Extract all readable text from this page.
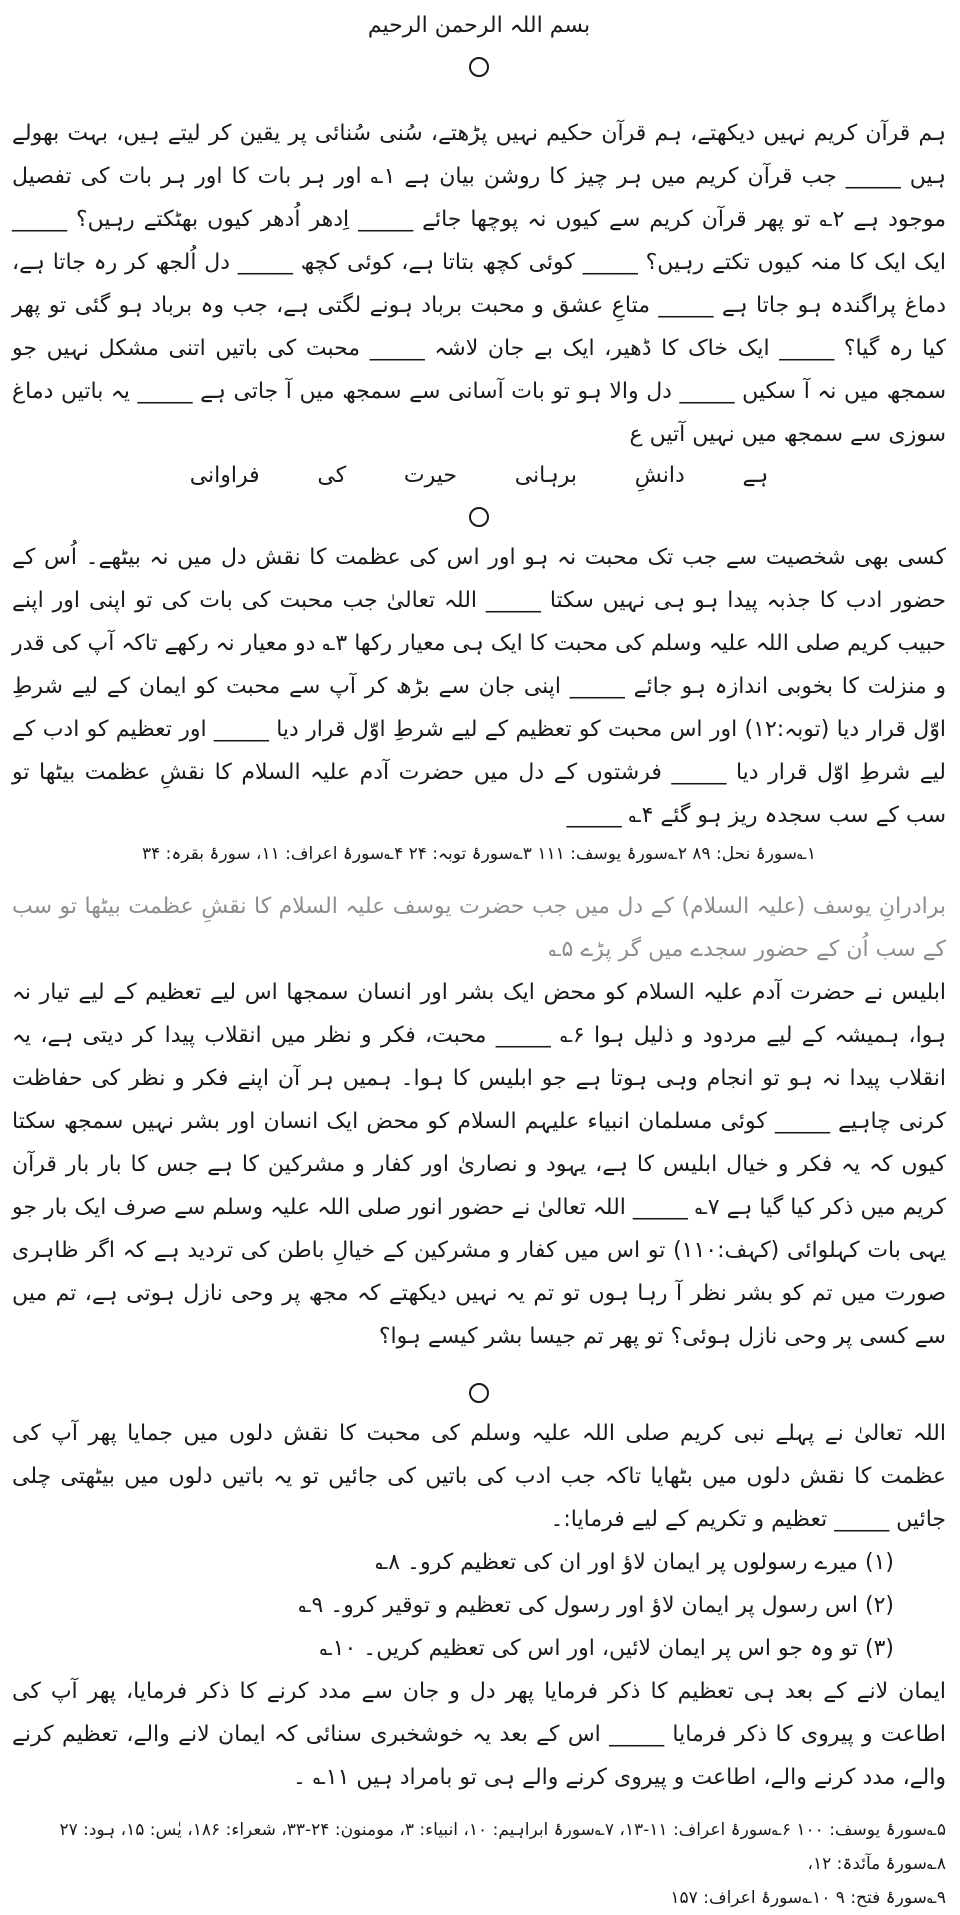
بسم اللہ الرحمن الرحیم

ہم قرآن کریم نہیں دیکھتے، ہم قرآن حکیم نہیں پڑھتے، سُنی سُنائی پر یقین کر لیتے ہیں، بہت بھولے ہیں _____ جب قرآن کریم میں ہر چیز کا روشن بیان ہے ۱؎ اور ہر بات کا اور ہر بات کی تفصیل موجود ہے ۲؎ تو پھر قرآن کریم سے کیوں نہ پوچھا جائے _____ اِدھر اُدھر کیوں بھٹکتے رہیں؟ _____ ایک ایک کا منہ کیوں تکتے رہیں؟ _____ کوئی کچھ بتاتا ہے، کوئی کچھ _____ دل اُلجھ کر رہ جاتا ہے، دماغ پراگندہ ہو جاتا ہے _____ متاعِ عشق و محبت برباد ہونے لگتی ہے، جب وہ برباد ہو گئی تو پھر کیا رہ گیا؟ _____ ایک خاک کا ڈھیر، ایک بے جان لاشہ _____ محبت کی باتیں اتنی مشکل نہیں جو سمجھ میں نہ آ سکیں _____ دل والا ہو تو بات آسانی سے سمجھ میں آ جاتی ہے _____ یہ باتیں دماغ سوزی سے سمجھ میں نہیں آتیں ع

ہے
دانشِ
برہانی
حیرت
کی
فراوانی

کسی بھی شخصیت سے جب تک محبت نہ ہو اور اس کی عظمت کا نقش دل میں نہ بیٹھے۔ اُس کے حضور ادب کا جذبہ پیدا ہو ہی نہیں سکتا _____ اللہ تعالیٰ جب محبت کی بات کی تو اپنی اور اپنے حبیب کریم صلی اللہ علیہ وسلم کی محبت کا ایک ہی معیار رکھا ۳؎ دو معیار نہ رکھے تاکہ آپ کی قدر و منزلت کا بخوبی اندازہ ہو جائے _____ اپنی جان سے بڑھ کر آپ سے محبت کو ایمان کے لیے شرطِ اوّل قرار دیا (توبہ:۱۲) اور اس محبت کو تعظیم کے لیے شرطِ اوّل قرار دیا _____ اور تعظیم کو ادب کے لیے شرطِ اوّل قرار دیا _____ فرشتوں کے دل میں حضرت آدم علیہ السلام کا نقشِ عظمت بیٹھا تو سب کے سب سجدہ ریز ہو گئے ۴؎ _____

۱؎سورۂ نحل: ۸۹ ۲؎سورۂ یوسف: ۱۱۱ ۳؎سورۂ توبہ: ۲۴ ۴؎سورۂ اعراف: ۱۱، سورۂ بقرہ: ۳۴

برادرانِ یوسف (علیہ السلام) کے دل میں جب حضرت یوسف علیہ السلام کا نقشِ عظمت بیٹھا تو سب کے سب اُن کے حضور سجدے میں گر پڑے ۵؎

ابلیس نے حضرت آدم علیہ السلام کو محض ایک بشر اور انسان سمجھا اس لیے تعظیم کے لیے تیار نہ ہوا، ہمیشہ کے لیے مردود و ذلیل ہوا ۶؎ _____ محبت، فکر و نظر میں انقلاب پیدا کر دیتی ہے، یہ انقلاب پیدا نہ ہو تو انجام وہی ہوتا ہے جو ابلیس کا ہوا۔ ہمیں ہر آن اپنے فکر و نظر کی حفاظت کرنی چاہیے _____ کوئی مسلمان انبیاء علیہم السلام کو محض ایک انسان اور بشر نہیں سمجھ سکتا کیوں کہ یہ فکر و خیال ابلیس کا ہے، یہود و نصاریٰ اور کفار و مشرکین کا ہے جس کا بار بار قرآن کریم میں ذکر کیا گیا ہے ۷؎ _____ اللہ تعالیٰ نے حضور انور صلی اللہ علیہ وسلم سے صرف ایک بار جو یہی بات کہلوائی (کہف:۱۱۰) تو اس میں کفار و مشرکین کے خیالِ باطن کی تردید ہے کہ اگر ظاہری صورت میں تم کو بشر نظر آ رہا ہوں تو تم یہ نہیں دیکھتے کہ مجھ پر وحی نازل ہوتی ہے، تم میں سے کسی پر وحی نازل ہوئی؟ تو پھر تم جیسا بشر کیسے ہوا؟

اللہ تعالیٰ نے پہلے نبی کریم صلی اللہ علیہ وسلم کی محبت کا نقش دلوں میں جمایا پھر آپ کی عظمت کا نقش دلوں میں بٹھایا تاکہ جب ادب کی باتیں کی جائیں تو یہ باتیں دلوں میں بیٹھتی چلی جائیں _____ تعظیم و تکریم کے لیے فرمایا:۔

(۱) میرے رسولوں پر ایمان لاؤ اور ان کی تعظیم کرو۔ ۸؎

(۲) اس رسول پر ایمان لاؤ اور رسول کی تعظیم و توقیر کرو۔ ۹؎

(۳) تو وہ جو اس پر ایمان لائیں، اور اس کی تعظیم کریں۔ ۱۰؎

ایمان لانے کے بعد ہی تعظیم کا ذکر فرمایا پھر دل و جان سے مدد کرنے کا ذکر فرمایا، پھر آپ کی اطاعت و پیروی کا ذکر فرمایا _____ اس کے بعد یہ خوشخبری سنائی کہ ایمان لانے والے، تعظیم کرنے والے، مدد کرنے والے، اطاعت و پیروی کرنے والے ہی تو بامراد ہیں ۱۱؎ ۔

۵؎سورۂ یوسف: ۱۰۰ ۶؎سورۂ اعراف: ۱۱-۱۳، ۷؎سورۂ ابراہیم: ۱۰، انبیاء: ۳، مومنون: ۲۴-۳۳، شعراء: ۱۸۶، یٰس: ۱۵، ہود: ۲۷ ۸؎سورۂ مآئدۃ: ۱۲،

۹؎سورۂ فتح: ۹ ۱۰؎سورۂ اعراف: ۱۵۷
